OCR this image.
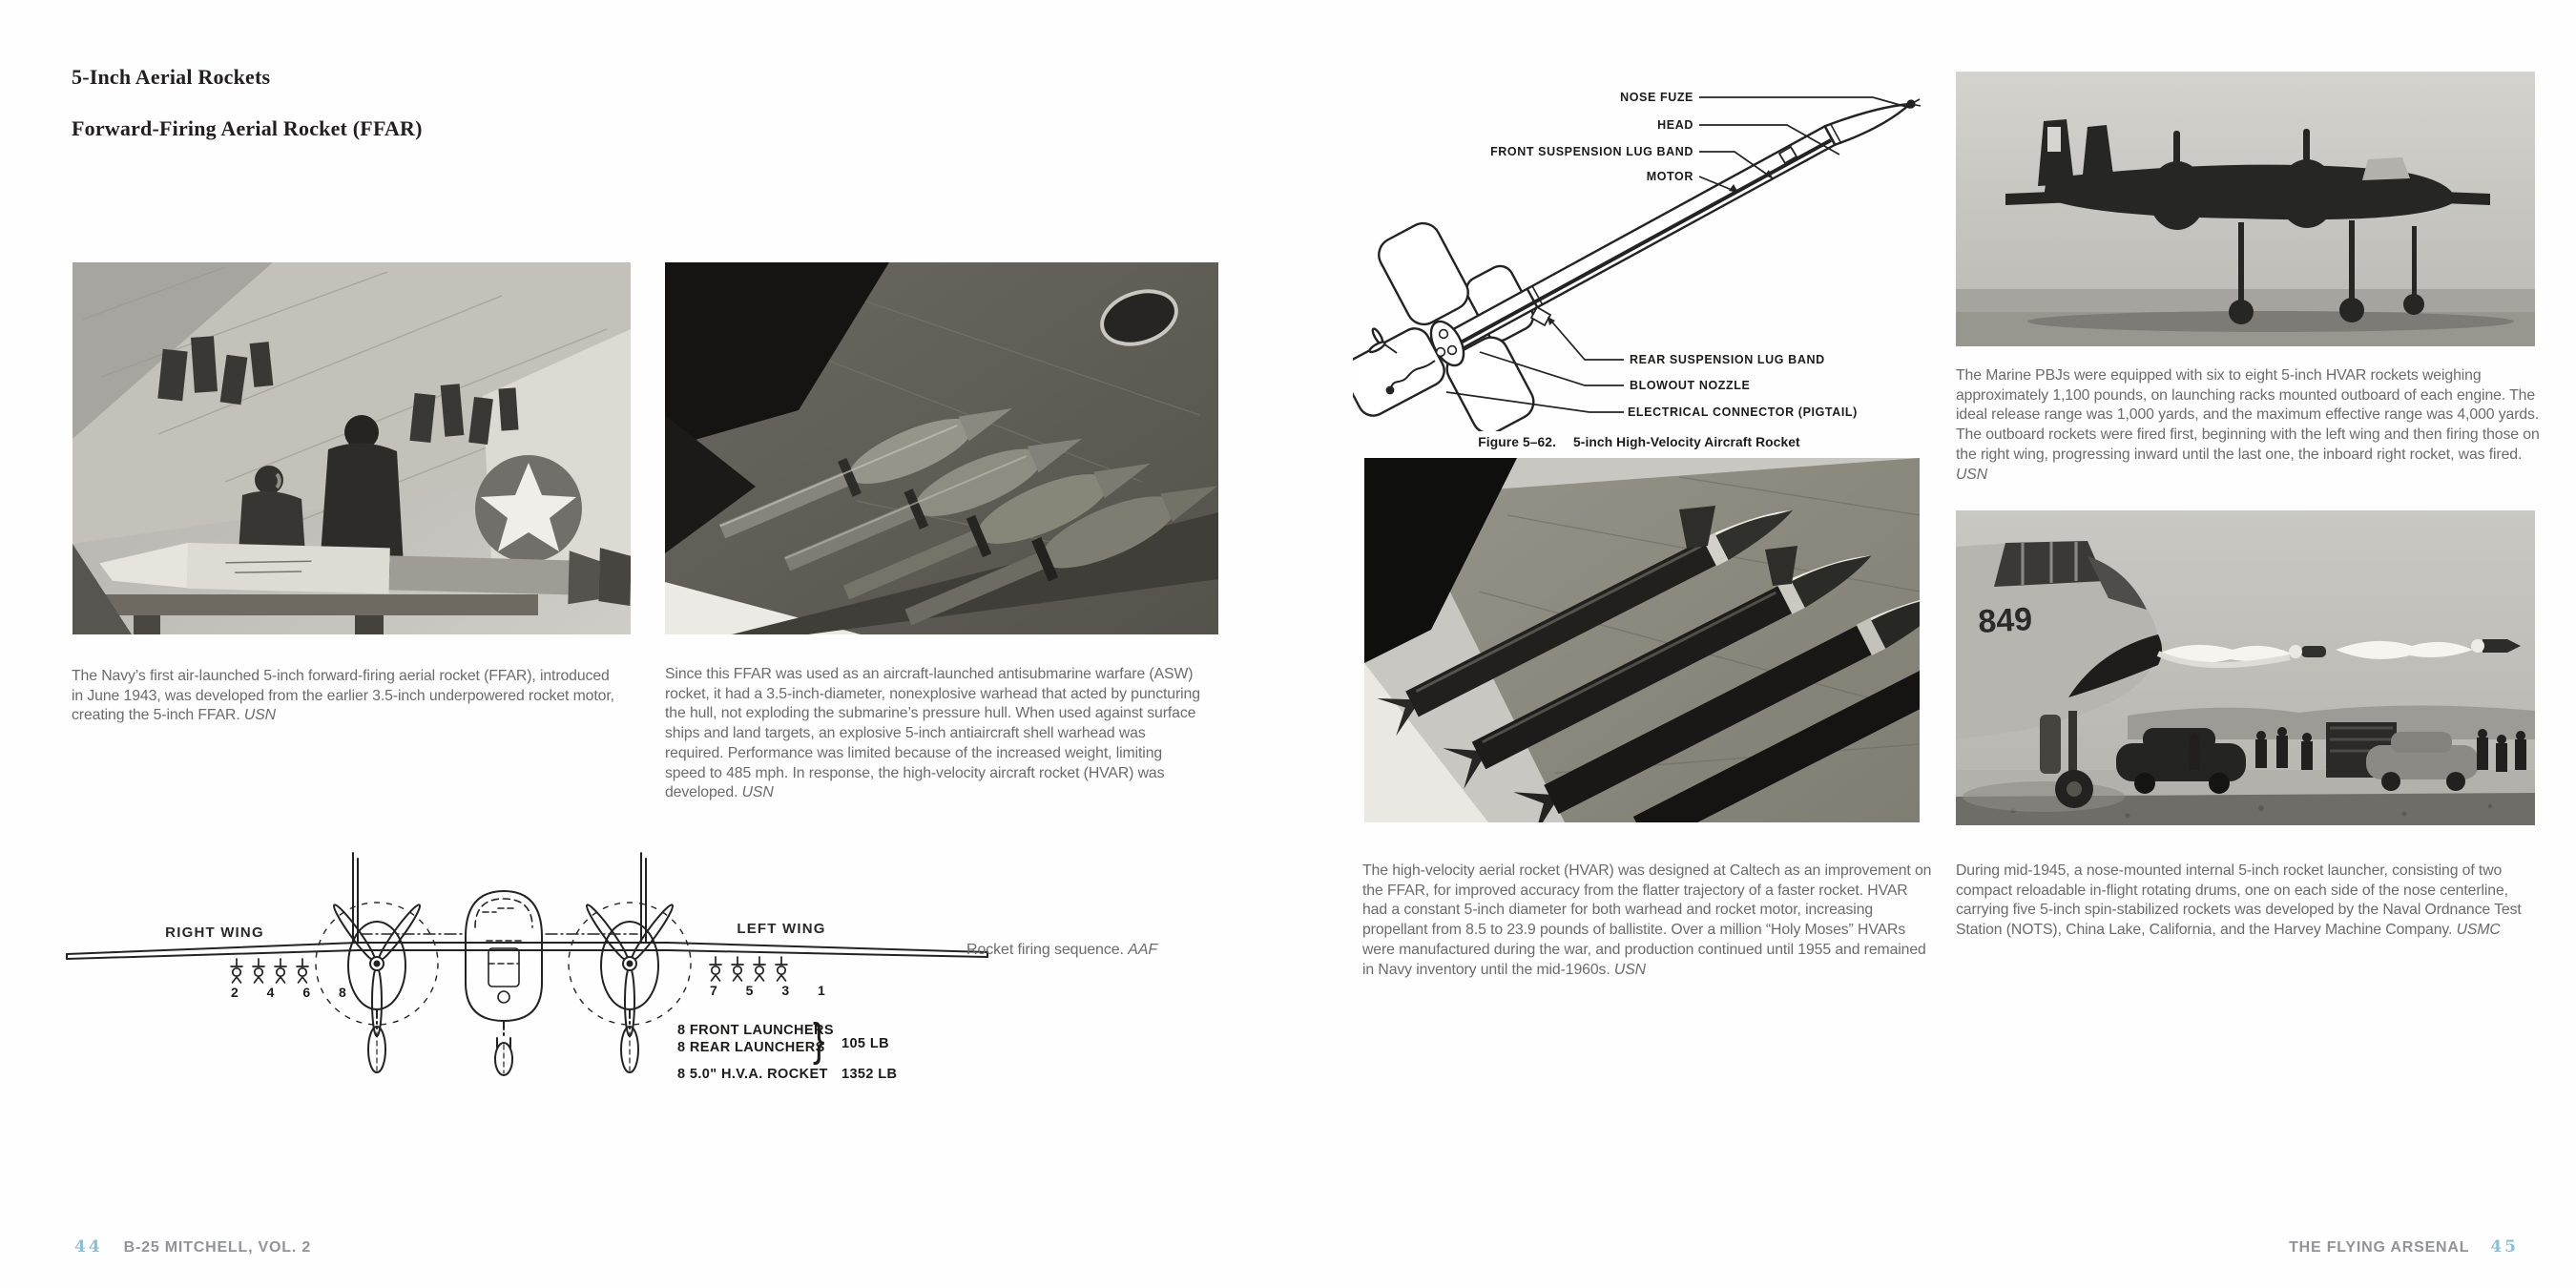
5-Inch Aerial Rockets
Forward-Firing Aerial Rocket (FFAR)
The Navy’s first air-launched 5-inch forward-firing aerial rocket (FFAR), introduced in June 1943, was developed from the earlier 3.5-inch underpowered rocket motor, creating the 5-inch FFAR. USN
Since this FFAR was used as an aircraft-launched antisubmarine warfare (ASW) rocket, it had a 3.5-inch-diameter, nonexplosive warhead that acted by puncturing the hull, not exploding the submarine’s pressure hull. When used against surface ships and land targets, an explosive 5-inch antiaircraft shell warhead was required. Performance was limited because of the increased weight, limiting speed to 485 mph. In response, the high-velocity aircraft rocket (HVAR) was developed. USN
RIGHT WING	LEFT WING
2 4 6 8	7 5 3 1
8 FRONT LAUNCHERS
8 REAR LAUNCHERS
} 105 LB
8 5.0" H.V.A. ROCKET 1352 LB
Rocket firing sequence. AAF
44 B-25 MITCHELL, VOL. 2
NOSE FUZE
HEAD
FRONT SUSPENSION LUG BAND
MOTOR
REAR SUSPENSION LUG BAND
BLOWOUT NOZZLE
ELECTRICAL CONNECTOR (PIGTAIL)
Figure 5–62. 5-inch High-Velocity Aircraft Rocket
The Marine PBJs were equipped with six to eight 5-inch HVAR rockets weighing approximately 1,100 pounds, on launching racks mounted outboard of each engine. The ideal release range was 1,000 yards, and the maximum effective range was 4,000 yards. The outboard rockets were fired first, beginning with the left wing and then firing those on the right wing, progressing inward until the last one, the inboard right rocket, was fired. USN
849
The high-velocity aerial rocket (HVAR) was designed at Caltech as an improvement on the FFAR, for improved accuracy from the flatter trajectory of a faster rocket. HVAR had a constant 5-inch diameter for both warhead and rocket motor, increasing propellant from 8.5 to 23.9 pounds of ballistite. Over a million “Holy Moses” HVARs were manufactured during the war, and production continued until 1955 and remained in Navy inventory until the mid-1960s. USN
During mid-1945, a nose-mounted internal 5-inch rocket launcher, consisting of two compact reloadable in-flight rotating drums, one on each side of the nose centerline, carrying five 5-inch spin-stabilized rockets was developed by the Naval Ordnance Test Station (NOTS), China Lake, California, and the Harvey Machine Company. USMC
THE FLYING ARSENAL 45
